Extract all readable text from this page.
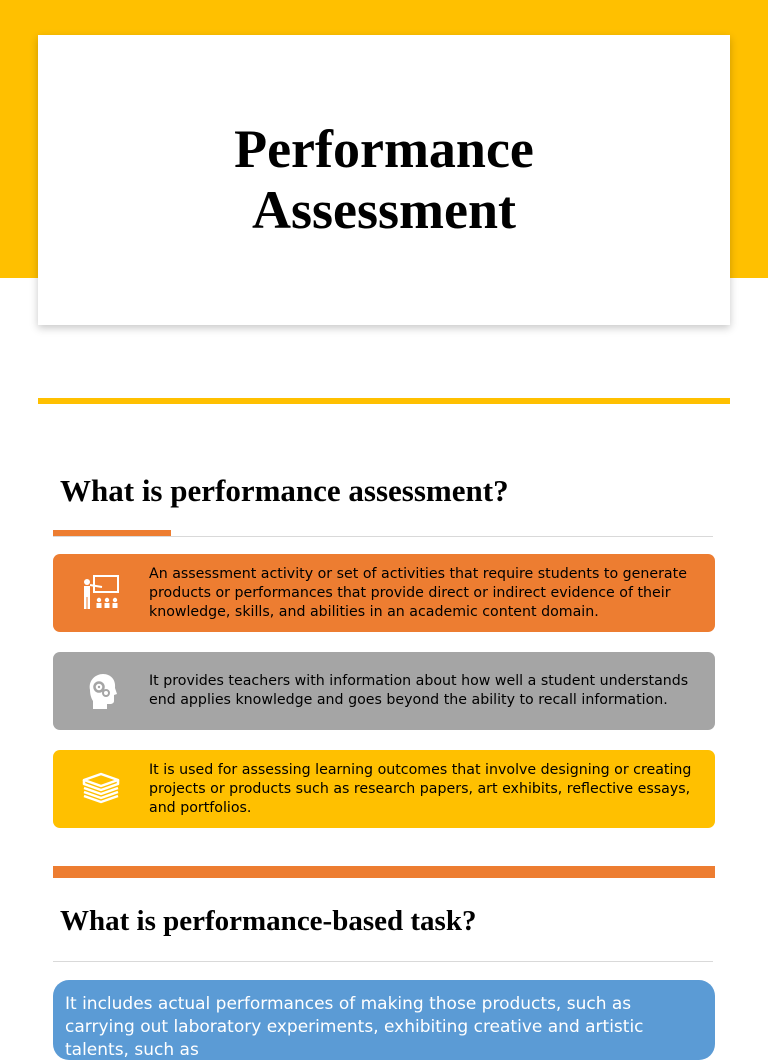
Performance Assessment
What is performance assessment?
An assessment activity or set of activities that require students to generate products or performances that provide direct or indirect evidence of their knowledge, skills, and abilities in an academic content domain.
It provides teachers with information about how well a student understands end applies knowledge and goes beyond the ability to recall information.
It is used for assessing learning outcomes that involve designing or creating projects or products such as research papers, art exhibits, reflective essays, and portfolios.
What is performance-based task?
It includes actual performances of making those products, such as carrying out laboratory experiments, exhibiting creative and artistic talents, such as
